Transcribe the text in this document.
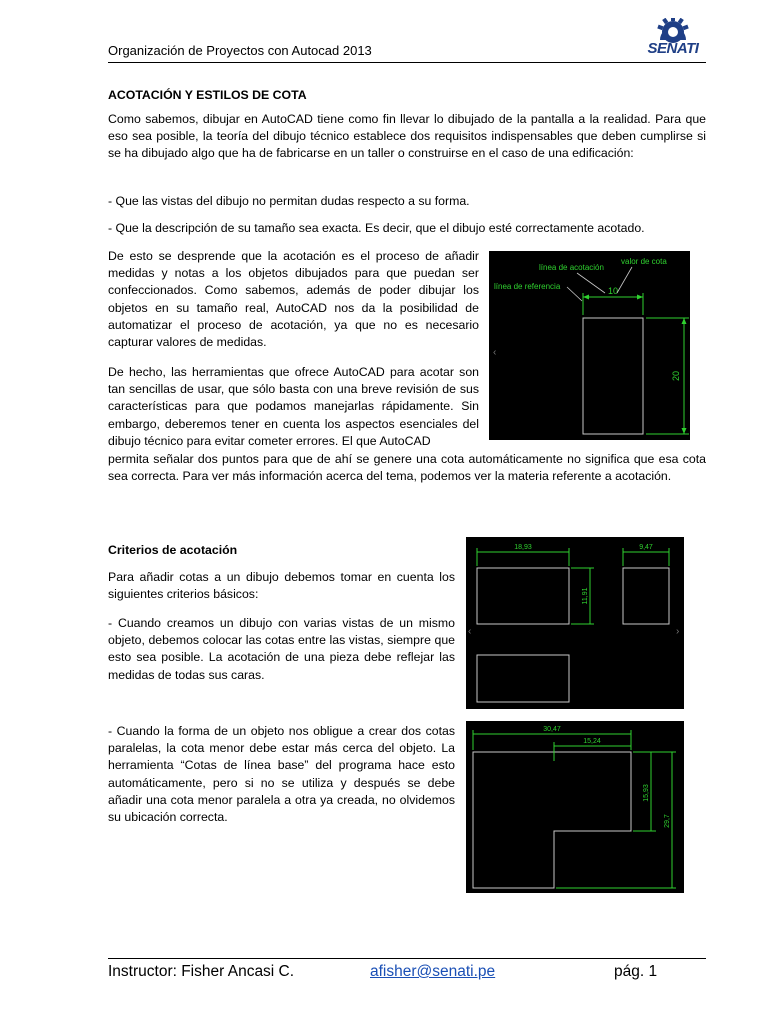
Organización de Proyectos con Autocad 2013	SENATI
ACOTACIÓN Y ESTILOS DE COTA
Como sabemos, dibujar en AutoCAD tiene como fin llevar lo dibujado de la pantalla a la realidad. Para que eso sea posible, la teoría del dibujo técnico establece dos requisitos indispensables que deben cumplirse si se ha dibujado algo que ha de fabricarse en un taller o construirse en el caso de una edificación:
- Que las vistas del dibujo no permitan dudas respecto a su forma.
- Que la descripción de su tamaño sea exacta. Es decir, que el dibujo esté correctamente acotado.
De esto se desprende que la acotación es el proceso de añadir medidas y notas a los objetos dibujados para que puedan ser confeccionados. Como sabemos, además de poder dibujar los objetos en su tamaño real, AutoCAD nos da la posibilidad de automatizar el proceso de acotación, ya que no es necesario capturar valores de medidas.
De hecho, las herramientas que ofrece AutoCAD para acotar son tan sencillas de usar, que sólo basta con una breve revisión de sus características para que podamos manejarlas rápidamente. Sin embargo, deberemos tener en cuenta los aspectos esenciales del dibujo técnico para evitar cometer errores. El que AutoCAD
permita señalar dos puntos para que de ahí se genere una cota automáticamente no significa que esa cota sea correcta. Para ver más información acerca del tema, podemos ver la materia referente a acotación.
10
20
línea de acotación
valor de cota
línea de referencia
‹
Criterios de acotación
Para añadir cotas a un dibujo debemos tomar en cuenta los siguientes criterios básicos:
- Cuando creamos un dibujo con varias vistas de un mismo objeto, debemos colocar las cotas entre las vistas, siempre que esto sea posible. La acotación de una pieza debe reflejar las medidas de todas sus caras.
- Cuando la forma de un objeto nos obligue a crear dos cotas paralelas, la cota menor debe estar más cerca del objeto. La herramienta “Cotas de línea base” del programa hace esto automáticamente, pero si no se utiliza y después se debe añadir una cota menor paralela a otra ya creada, no olvidemos su ubicación correcta.
18,93	9,47
11,91
‹	›
30,47
15,24
15,93
29,7
Instructor: Fisher Ancasi C.	afisher@senati.pe	pág. 1
